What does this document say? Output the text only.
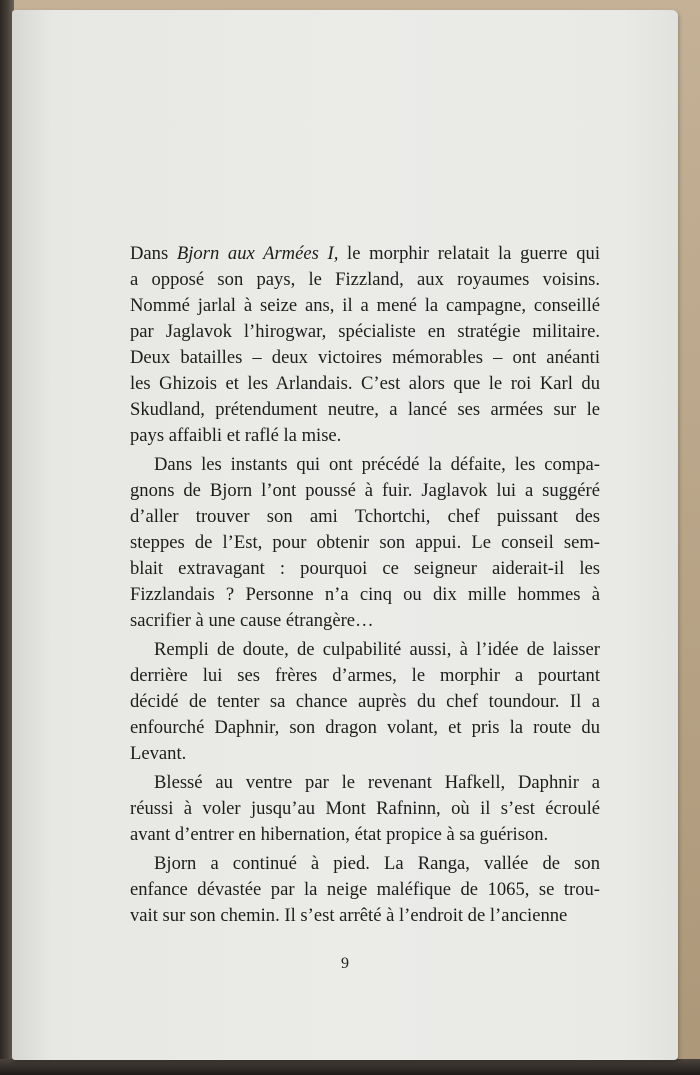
Dans Bjorn aux Armées I, le morphir relatait la guerre qui
a opposé son pays, le Fizzland, aux royaumes voisins.
Nommé jarlal à seize ans, il a mené la campagne, conseillé
par Jaglavok l’hirogwar, spécialiste en stratégie militaire.
Deux batailles – deux victoires mémorables – ont anéanti
les Ghizois et les Arlandais. C’est alors que le roi Karl du
Skudland, prétendument neutre, a lancé ses armées sur le
pays affaibli et raflé la mise.
Dans les instants qui ont précédé la défaite, les compa-
gnons de Bjorn l’ont poussé à fuir. Jaglavok lui a suggéré
d’aller trouver son ami Tchortchi, chef puissant des
steppes de l’Est, pour obtenir son appui. Le conseil sem-
blait extravagant : pourquoi ce seigneur aiderait-il les
Fizzlandais ? Personne n’a cinq ou dix mille hommes à
sacrifier à une cause étrangère…
Rempli de doute, de culpabilité aussi, à l’idée de laisser
derrière lui ses frères d’armes, le morphir a pourtant
décidé de tenter sa chance auprès du chef toundour. Il a
enfourché Daphnir, son dragon volant, et pris la route du
Levant.
Blessé au ventre par le revenant Hafkell, Daphnir a
réussi à voler jusqu’au Mont Rafninn, où il s’est écroulé
avant d’entrer en hibernation, état propice à sa guérison.
Bjorn a continué à pied. La Ranga, vallée de son
enfance dévastée par la neige maléfique de 1065, se trou-
vait sur son chemin. Il s’est arrêté à l’endroit de l’ancienne
9
